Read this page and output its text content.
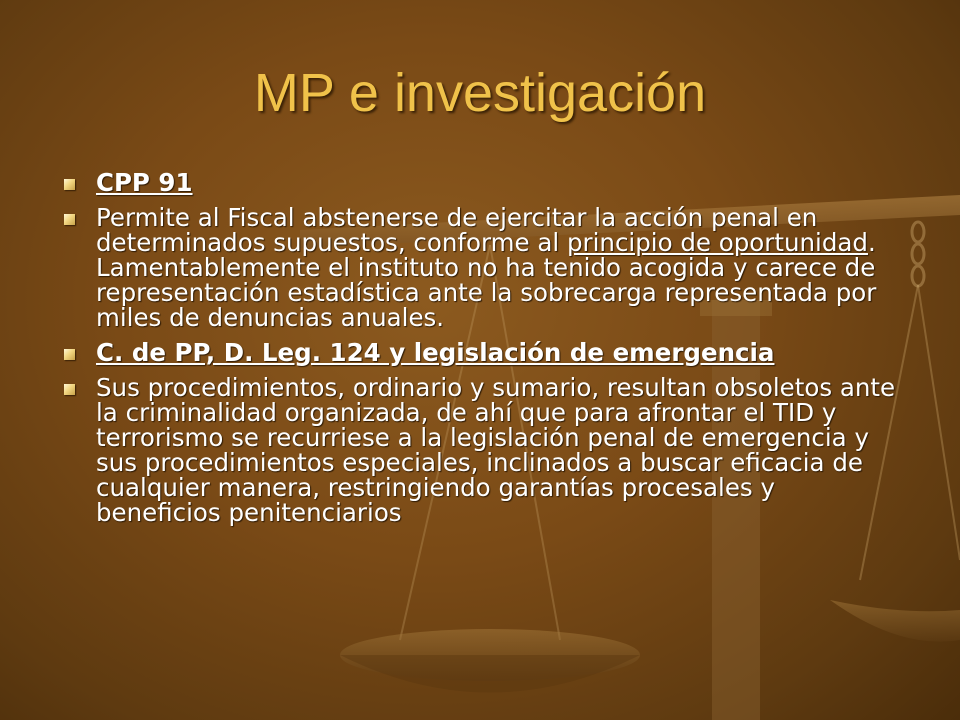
MP e investigación
CPP 91
Permite al Fiscal abstenerse de ejercitar la acción penal en determinados supuestos, conforme al principio de oportunidad. Lamentablemente el instituto no ha tenido acogida y carece de representación estadística ante la sobrecarga representada por miles de denuncias anuales.
C. de PP, D. Leg. 124 y legislación de emergencia
Sus procedimientos, ordinario y sumario, resultan obsoletos ante la criminalidad organizada, de ahí que para afrontar el TID y terrorismo se recurriese a la legislación penal de emergencia y sus procedimientos especiales, inclinados a buscar eficacia de cualquier manera, restringiendo garantías procesales y beneficios penitenciarios
